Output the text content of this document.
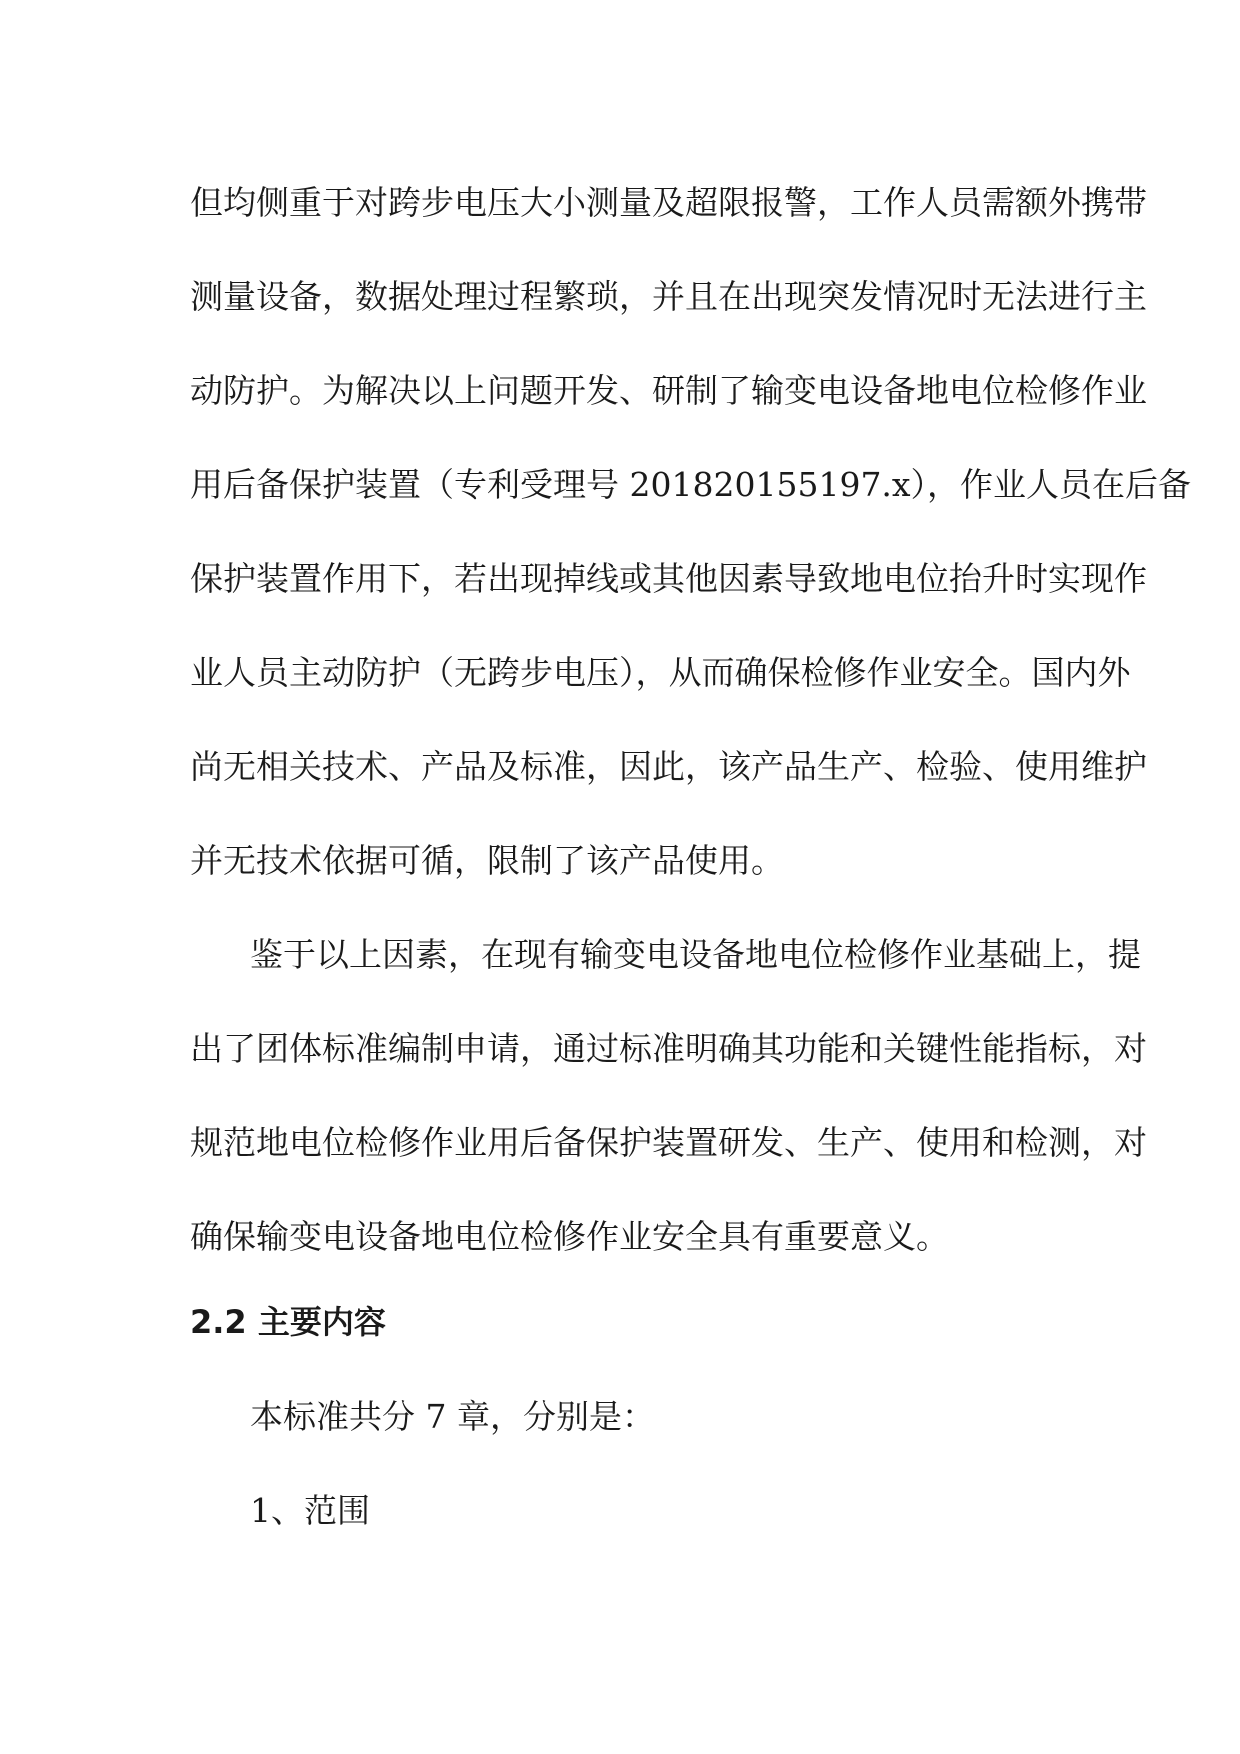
但均侧重于对跨步电压大小测量及超限报警，工作人员需额外携带
测量设备，数据处理过程繁琐，并且在出现突发情况时无法进行主
动防护。为解决以上问题开发、研制了输变电设备地电位检修作业
用后备保护装置（专利受理号 201820155197.x），作业人员在后备
保护装置作用下，若出现掉线或其他因素导致地电位抬升时实现作
业人员主动防护（无跨步电压），从而确保检修作业安全。国内外
尚无相关技术、产品及标准，因此，该产品生产、检验、使用维护
并无技术依据可循，限制了该产品使用。
鉴于以上因素，在现有输变电设备地电位检修作业基础上，提
出了团体标准编制申请，通过标准明确其功能和关键性能指标，对
规范地电位检修作业用后备保护装置研发、生产、使用和检测，对
确保输变电设备地电位检修作业安全具有重要意义。
2.2 主要内容
本标准共分 7 章，分别是：
1、范围
